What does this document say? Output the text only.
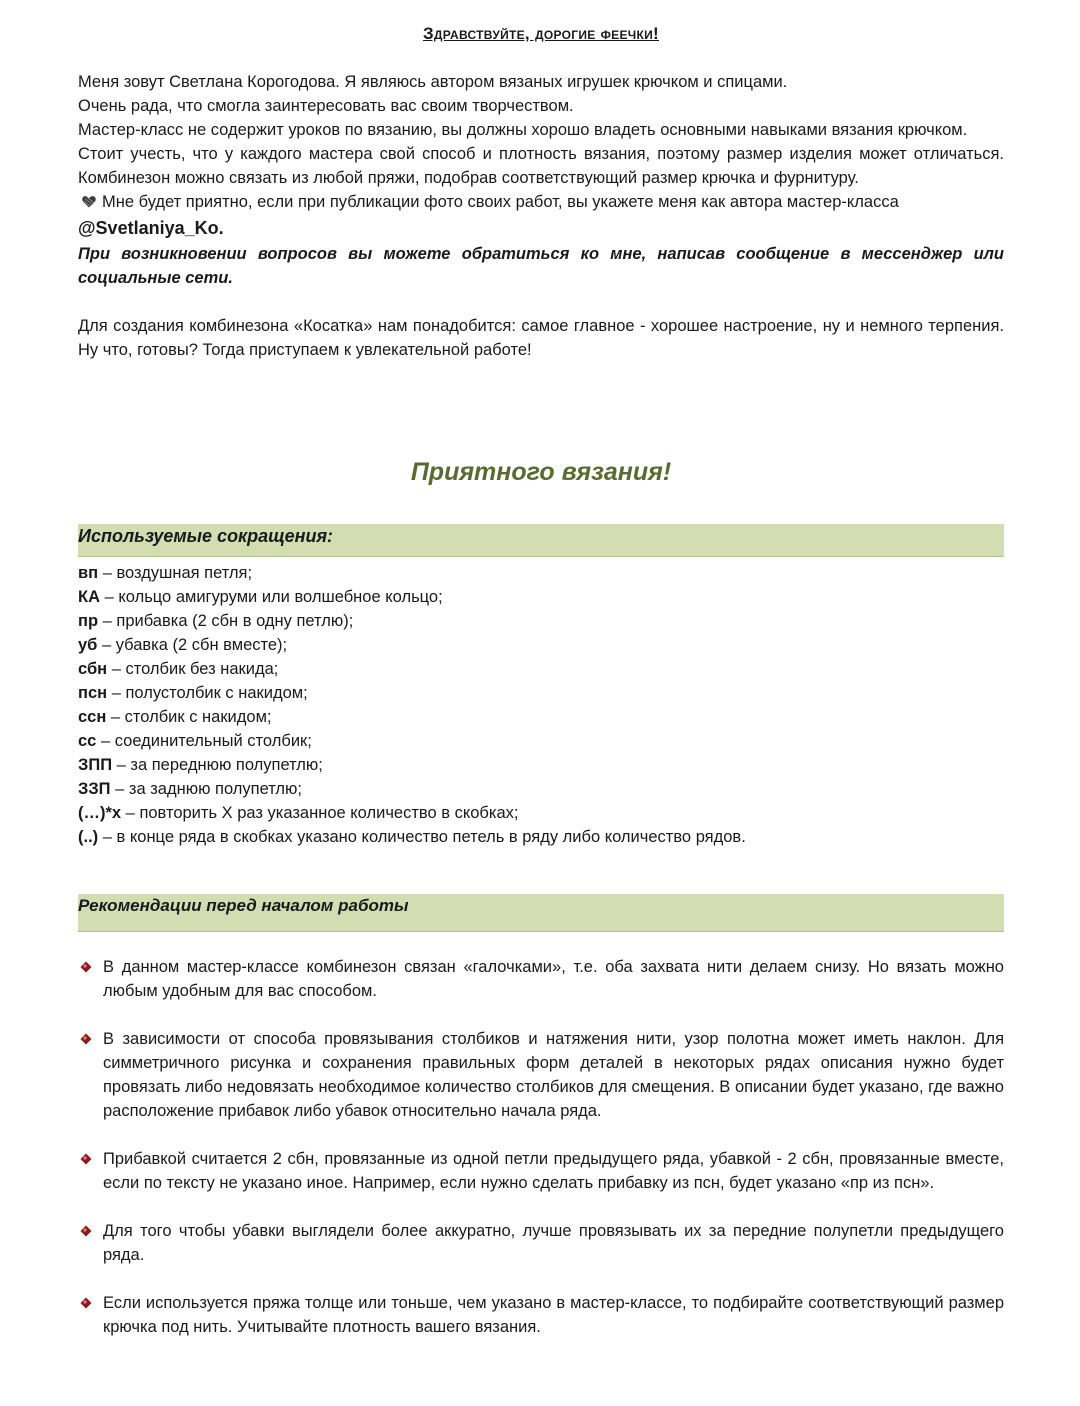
Здравствуйте, дорогие феечки!

Меня зовут Светлана Корогодова. Я являюсь автором вязаных игрушек крючком и спицами.

Очень рада, что смогла заинтересовать вас своим творчеством.

Мастер-класс не содержит уроков по вязанию, вы должны хорошо владеть основными навыками вязания крючком.

Стоит учесть, что у каждого мастера свой способ и плотность вязания, поэтому размер изделия может отличаться. Комбинезон можно связать из любой пряжи, подобрав соответствующий размер крючка и фурнитуру.

Мне будет приятно, если при публикации фото своих работ, вы укажете меня как автора мастер-класса

@Svetlaniya_Ko.

При возникновении вопросов вы можете обратиться ко мне, написав сообщение в мессенджер или социальные сети.

Для создания комбинезона «Косатка» нам понадобится: самое главное - хорошее настроение, ну и немного терпения. Ну что, готовы? Тогда приступаем к увлекательной работе!

Приятного вязания!
Используемые сокращения:
вп – воздушная петля;
КА – кольцо амигуруми или волшебное кольцо;
пр – прибавка (2 сбн в одну петлю);
уб – убавка (2 сбн вместе);
сбн – столбик без накида;
псн – полустолбик с накидом;
ссн – столбик с накидом;
сс – соединительный столбик;
ЗПП – за переднюю полупетлю;
ЗЗП – за заднюю полупетлю;
(…)*х – повторить Х раз указанное количество в скобках;
(..) – в конце ряда в скобках указано количество петель в ряду либо количество рядов.
Рекомендации перед началом работы
В данном мастер-классе комбинезон связан «галочками», т.е. оба захвата нити делаем снизу. Но вязать можно любым удобным для вас способом.
В зависимости от способа провязывания столбиков и натяжения нити, узор полотна может иметь наклон. Для симметричного рисунка и сохранения правильных форм деталей в некоторых рядах описания нужно будет провязать либо недовязать необходимое количество столбиков для смещения. В описании будет указано, где важно расположение прибавок либо убавок относительно начала ряда.
Прибавкой считается 2 сбн, провязанные из одной петли предыдущего ряда, убавкой - 2 сбн, провязанные вместе, если по тексту не указано иное. Например, если нужно сделать прибавку из псн, будет указано «пр из псн».
Для того чтобы убавки выглядели более аккуратно, лучше провязывать их за передние полупетли предыдущего ряда.
Если используется пряжа толще или тоньше, чем указано в мастер-классе, то подбирайте соответствующий размер крючка под нить. Учитывайте плотность вашего вязания.
